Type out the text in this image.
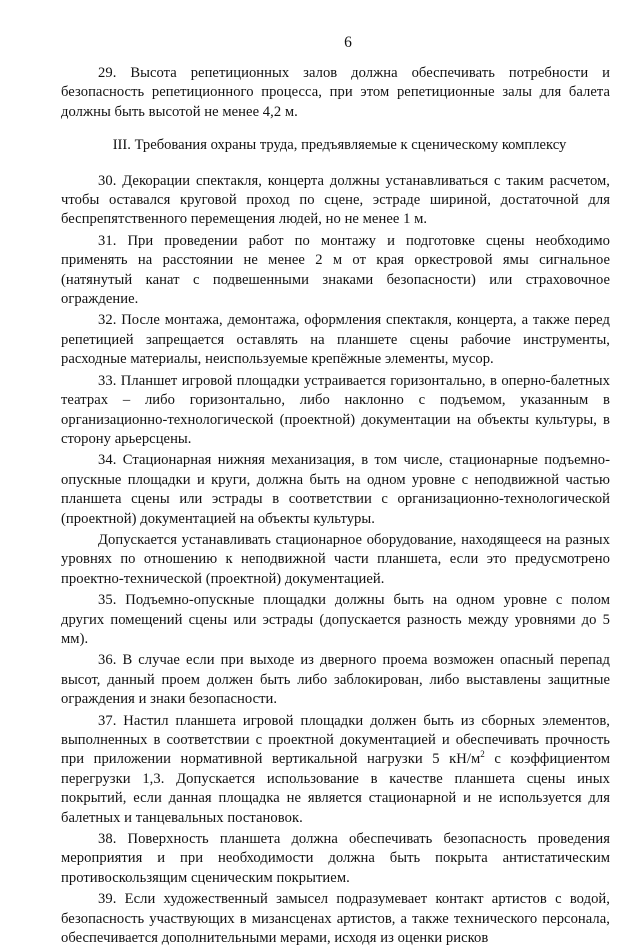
6

29. Высота репетиционных залов должна обеспечивать потребности и безопасность репетиционного процесса, при этом репетиционные залы для балета должны быть высотой не менее 4,2 м.

III. Требования охраны труда, предъявляемые к сценическому комплексу

30. Декорации спектакля, концерта должны устанавливаться с таким расчетом, чтобы оставался круговой проход по сцене, эстраде шириной, достаточной для беспрепятственного перемещения людей, но не менее 1 м.

31. При проведении работ по монтажу и подготовке сцены необходимо применять на расстоянии не менее 2 м от края оркестровой ямы сигнальное (натянутый канат с подвешенными знаками безопасности) или страховочное ограждение.

32. После монтажа, демонтажа, оформления спектакля, концерта, а также перед репетицией запрещается оставлять на планшете сцены рабочие инструменты, расходные материалы, неиспользуемые крепёжные элементы, мусор.

33. Планшет игровой площадки устраивается горизонтально, в оперно-балетных театрах – либо горизонтально, либо наклонно с подъемом, указанным в организационно-технологической (проектной) документации на объекты культуры, в сторону арьерсцены.

34. Стационарная нижняя механизация, в том числе, стационарные подъемно-опускные площадки и круги, должна быть на одном уровне с неподвижной частью планшета сцены или эстрады в соответствии с организационно-технологической (проектной) документацией на объекты культуры.

Допускается устанавливать стационарное оборудование, находящееся на разных уровнях по отношению к неподвижной части планшета, если это предусмотрено проектно-технической (проектной) документацией.

35. Подъемно-опускные площадки должны быть на одном уровне с полом других помещений сцены или эстрады (допускается разность между уровнями до 5 мм).

36. В случае если при выходе из дверного проема возможен опасный перепад высот, данный проем должен быть либо заблокирован, либо выставлены защитные ограждения и знаки безопасности.

37. Настил планшета игровой площадки должен быть из сборных элементов, выполненных в соответствии с проектной документацией и обеспечивать прочность при приложении нормативной вертикальной нагрузки 5 $кН/м^2$ с коэффициентом перегрузки 1,3. Допускается использование в качестве планшета сцены иных покрытий, если данная площадка не является стационарной и не используется для балетных и танцевальных постановок.

38. Поверхность планшета должна обеспечивать безопасность проведения мероприятия и при необходимости должна быть покрыта антистатическим противоскользящим сценическим покрытием.

39. Если художественный замысел подразумевает контакт артистов с водой, безопасность участвующих в мизансценах артистов, а также технического персонала, обеспечивается дополнительными мерами, исходя из оценки рисков
